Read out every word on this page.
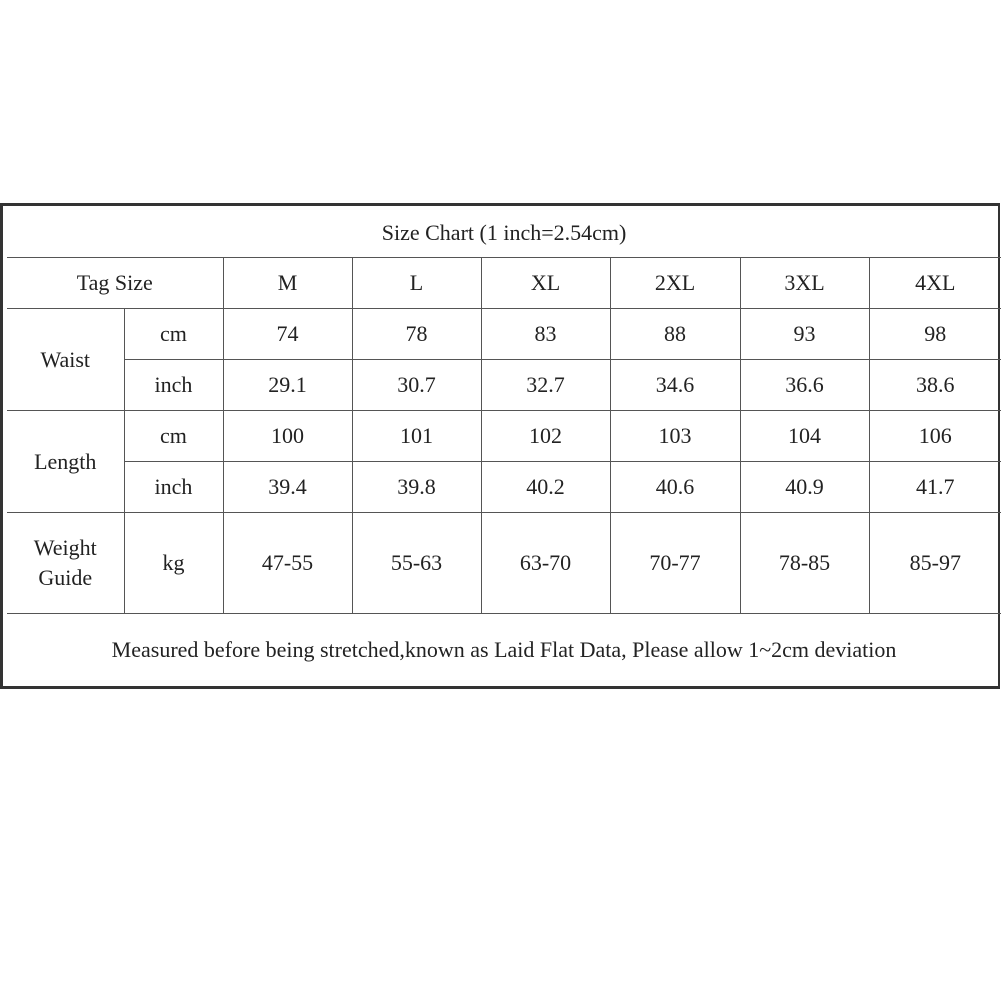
Size Chart (1 inch=2.54cm)							
Tag Size		M	L	XL	2XL	3XL	4XL
Waist	cm	74	78	83	88	93	98
	inch	29.1	30.7	32.7	34.6	36.6	38.6
Length	cm	100	101	102	103	104	106
	inch	39.4	39.8	40.2	40.6	40.9	41.7

Weight
Guide	kg	47-55	55-63	63-70	70-77	78-85	85-97
Measured before being stretched,known as Laid Flat Data, Please allow 1~2cm deviation							
